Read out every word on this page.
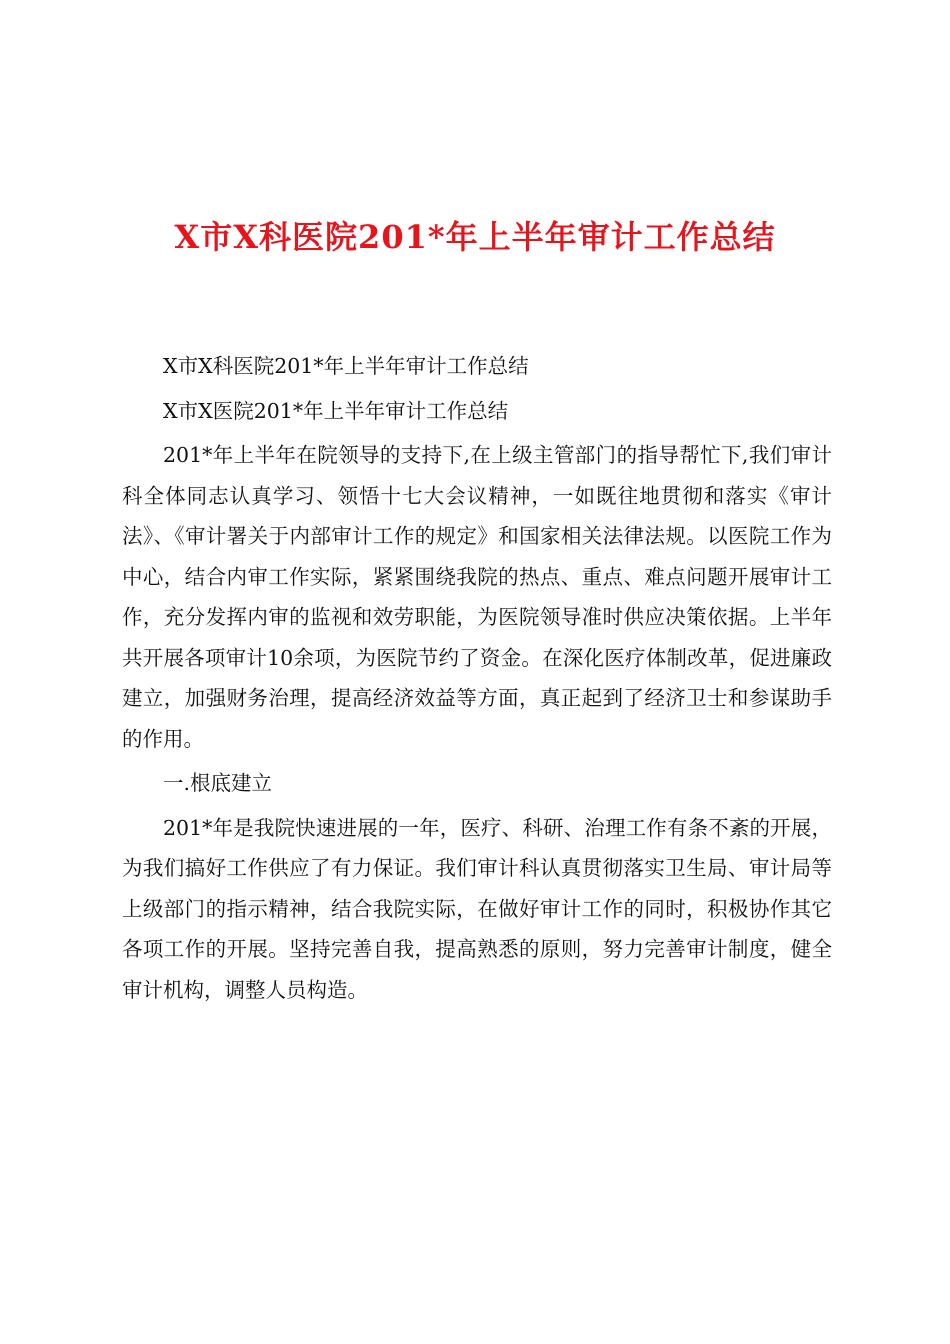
X市X科医院201*年上半年审计工作总结

X市X科医院201*年上半年审计工作总结

X市X医院201*年上半年审计工作总结

201*年上半年在院领导的支持下,在上级主管部门的指导帮忙下,我们审计科全体同志认真学习、领悟十七大会议精神，一如既往地贯彻和落实《审计法》、《审计署关于内部审计工作的规定》和国家相关法律法规。以医院工作为中心，结合内审工作实际，紧紧围绕我院的热点、重点、难点问题开展审计工作，充分发挥内审的监视和效劳职能，为医院领导准时供应决策依据。上半年共开展各项审计10余项，为医院节约了资金。在深化医疗体制改革，促进廉政建立，加强财务治理，提高经济效益等方面，真正起到了经济卫士和参谋助手的作用。

一.根底建立

201*年是我院快速进展的一年，医疗、科研、治理工作有条不紊的开展，为我们搞好工作供应了有力保证。我们审计科认真贯彻落实卫生局、审计局等上级部门的指示精神，结合我院实际，在做好审计工作的同时，积极协作其它各项工作的开展。坚持完善自我，提高熟悉的原则，努力完善审计制度，健全审计机构，调整人员构造。
